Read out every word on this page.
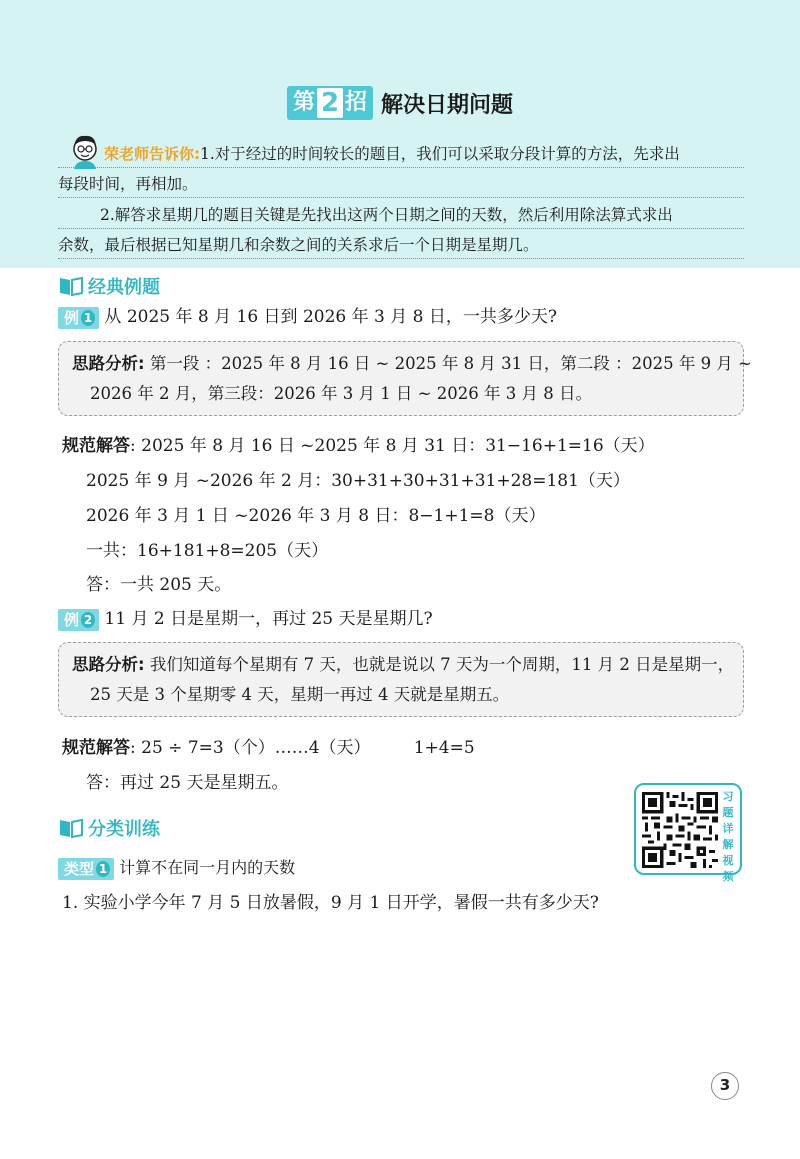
第 2 招 解决日期问题
荣老师告诉你:1.对于经过的时间较长的题目，我们可以采取分段计算的方法，先求出
每段时间，再相加。
2.解答求星期几的题目关键是先找出这两个日期之间的天数，然后利用除法算式求出
余数，最后根据已知星期几和余数之间的关系求后一个日期是星期几。
经典例题
例 1 从 2025 年 8 月 16 日到 2026 年 3 月 8 日，一共多少天?
思路分析: 第一段 ：2025 年 8 月 16 日 ~ 2025 年 8 月 31 日，第二段 ：2025 年 9 月 ~
2026 年 2 月，第三段：2026 年 3 月 1 日 ~ 2026 年 3 月 8 日。
规范解答: 2025 年 8 月 16 日 ~2025 年 8 月 31 日：31−16+1=16（天）
2025 年 9 月 ~2026 年 2 月：30+31+30+31+31+28=181（天）
2026 年 3 月 1 日 ~2026 年 3 月 8 日：8−1+1=8（天）
一共：16+181+8=205（天）
答：一共 205 天。
例 2 11 月 2 日是星期一，再过 25 天是星期几?
思路分析: 我们知道每个星期有 7 天，也就是说以 7 天为一个周期，11 月 2 日是星期一，
25 天是 3 个星期零 4 天，星期一再过 4 天就是星期五。
规范解答: 25 ÷ 7=3（个）……4（天）        1+4=5
答：再过 25 天是星期五。
习
题
详
解
视
频
分类训练
类型 1 计算不在同一月内的天数
1. 实验小学今年 7 月 5 日放暑假，9 月 1 日开学，暑假一共有多少天?
3
